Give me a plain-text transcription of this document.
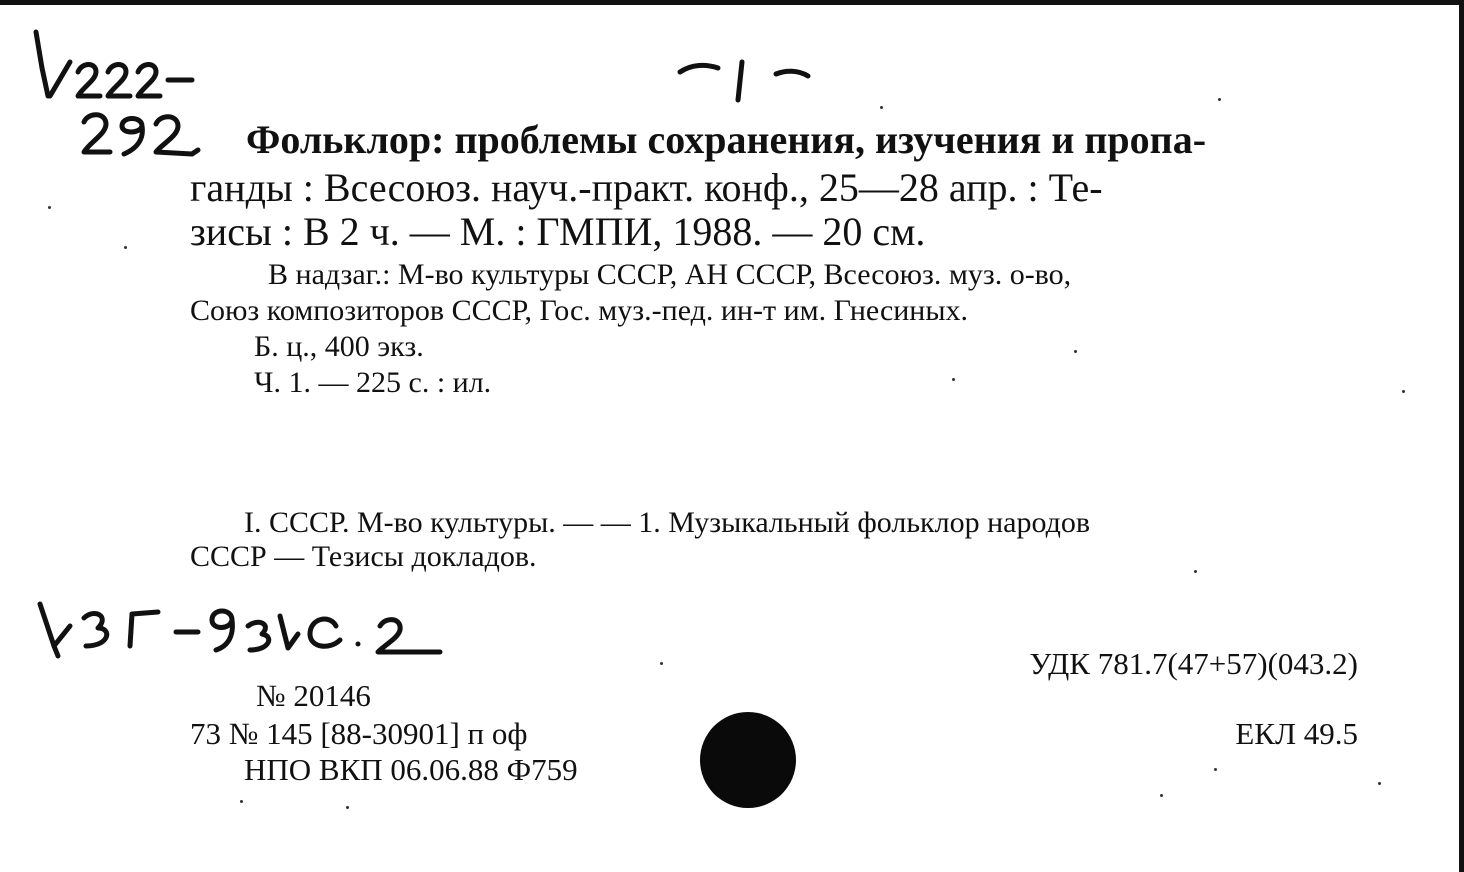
Фольклор: проблемы сохранения, изучения и пропа-
ганды : Всесоюз. науч.-практ. конф., 25—28 апр. : Те-
зисы : В 2 ч. — М. : ГМПИ, 1988. — 20 см.
В надзаг.: М-во культуры СССР, АН СССР, Всесоюз. муз. о-во,
Союз композиторов СССР, Гос. муз.-пед. ин-т им. Гнесиных.
Б. ц., 400 экз.
Ч. 1. — 225 с. : ил.
I. СССР. М-во культуры. — — 1. Музыкальный фольклор народов
СССР — Тезисы докладов.
№ 20146
73 № 145 [88-30901] п оф
НПО ВКП 06.06.88 Ф759
УДК 781.7(47+57)(043.2)
ЕКЛ 49.5
